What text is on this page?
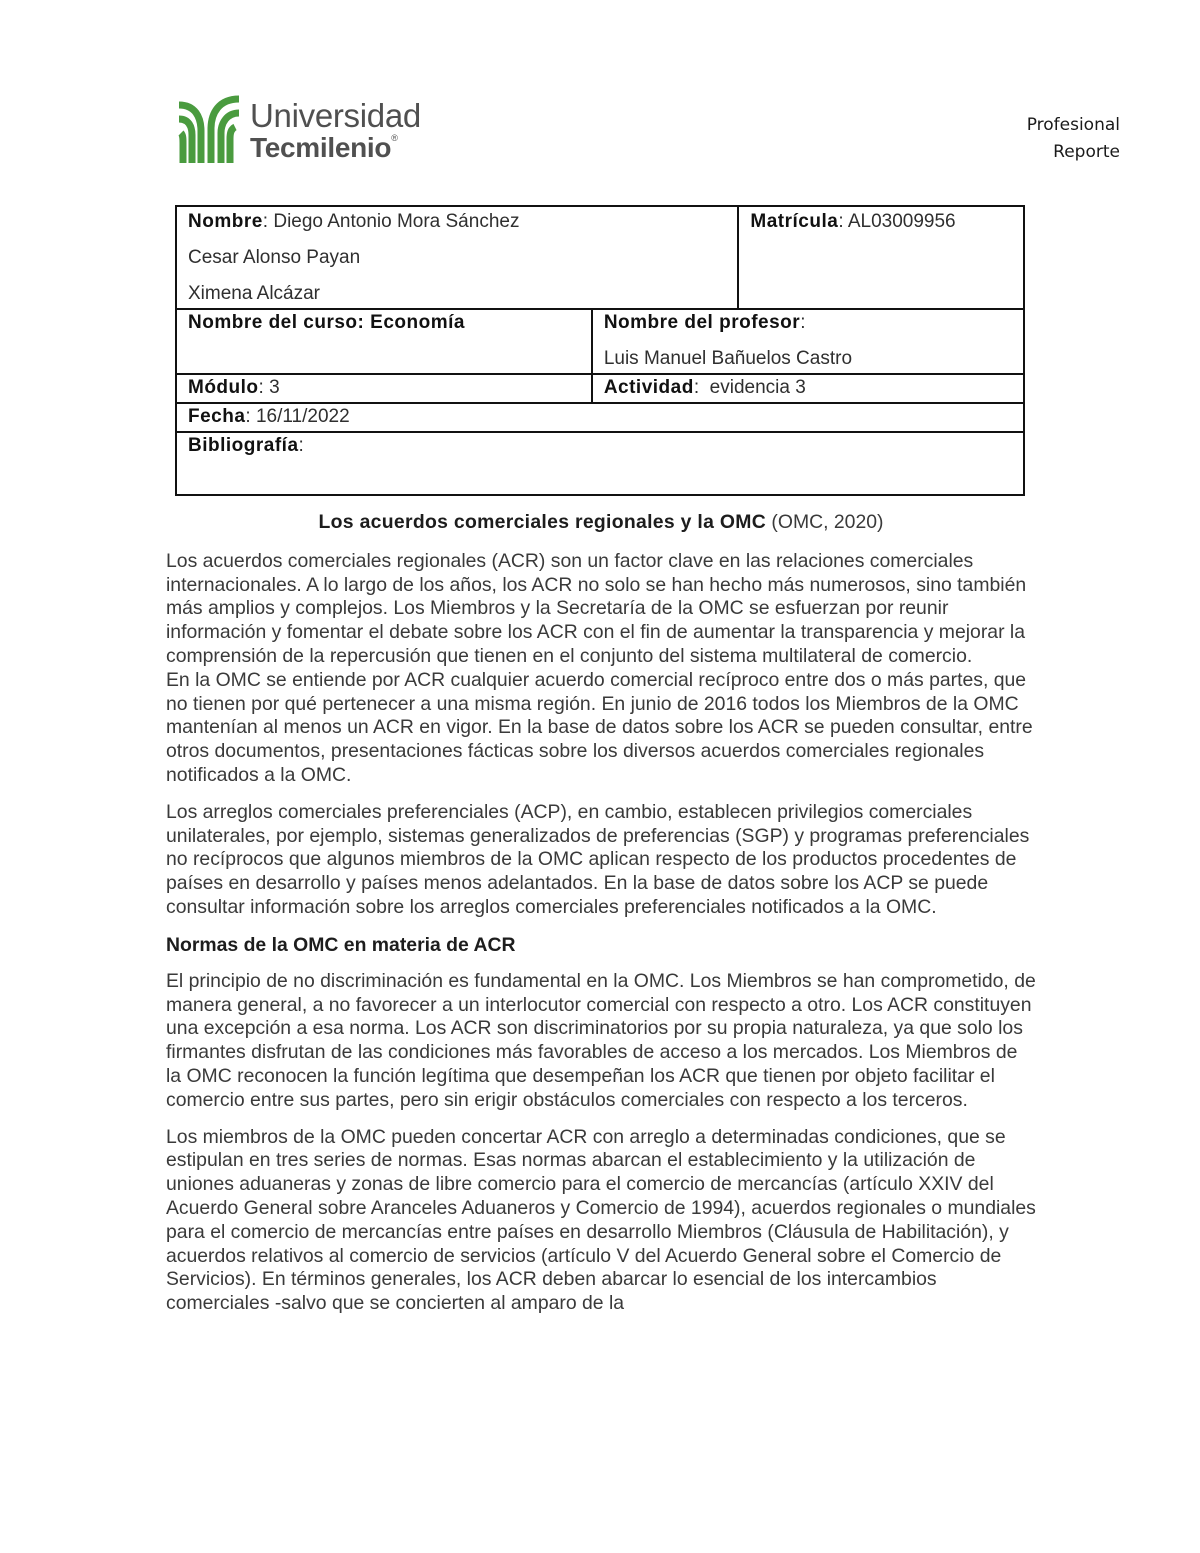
Universidad
Tecmilenio®
Profesional
Reporte

Nombre: Diego Antonio Mora Sánchez

Cesar Alonso Payan

Ximena Alcázar		Matrícula: AL03009956
Nombre del curso: Economía	Nombre del profesor:

Luis Manuel Bañuelos Castro	

Módulo: 3	Actividad:  evidencia 3	
Fecha: 16/11/2022		
Bibliografía:		
Los acuerdos comerciales regionales y la OMC (OMC, 2020)

Los acuerdos comerciales regionales (ACR) son un factor clave en las relaciones comerciales internacionales. A lo largo de los años, los ACR no solo se han hecho más numerosos, sino también más amplios y complejos. Los Miembros y la Secretaría de la OMC se esfuerzan por reunir información y fomentar el debate sobre los ACR con el fin de aumentar la transparencia y mejorar la comprensión de la repercusión que tienen en el conjunto del sistema multilateral de comercio.

En la OMC se entiende por ACR cualquier acuerdo comercial recíproco entre dos o más partes, que no tienen por qué pertenecer a una misma región. En junio de 2016 todos los Miembros de la OMC mantenían al menos un ACR en vigor. En la base de datos sobre los ACR se pueden consultar, entre otros documentos, presentaciones fácticas sobre los diversos acuerdos comerciales regionales notificados a la OMC.

Los arreglos comerciales preferenciales (ACP), en cambio, establecen privilegios comerciales unilaterales, por ejemplo, sistemas generalizados de preferencias (SGP) y programas preferenciales no recíprocos que algunos miembros de la OMC aplican respecto de los productos procedentes de países en desarrollo y países menos adelantados. En la base de datos sobre los ACP se puede consultar información sobre los arreglos comerciales preferenciales notificados a la OMC.

Normas de la OMC en materia de ACR

El principio de no discriminación es fundamental en la OMC. Los Miembros se han comprometido, de manera general, a no favorecer a un interlocutor comercial con respecto a otro. Los ACR constituyen una excepción a esa norma. Los ACR son discriminatorios por su propia naturaleza, ya que solo los firmantes disfrutan de las condiciones más favorables de acceso a los mercados. Los Miembros de la OMC reconocen la función legítima que desempeñan los ACR que tienen por objeto facilitar el comercio entre sus partes, pero sin erigir obstáculos comerciales con respecto a los terceros.

Los miembros de la OMC pueden concertar ACR con arreglo a determinadas condiciones, que se estipulan en tres series de normas. Esas normas abarcan el establecimiento y la utilización de uniones aduaneras y zonas de libre comercio para el comercio de mercancías (artículo XXIV del Acuerdo General sobre Aranceles Aduaneros y Comercio de 1994), acuerdos regionales o mundiales para el comercio de mercancías entre países en desarrollo Miembros (Cláusula de Habilitación), y acuerdos relativos al comercio de servicios (artículo V del Acuerdo General sobre el Comercio de Servicios). En términos generales, los ACR deben abarcar lo esencial de los intercambios comerciales -salvo que se concierten al amparo de la
